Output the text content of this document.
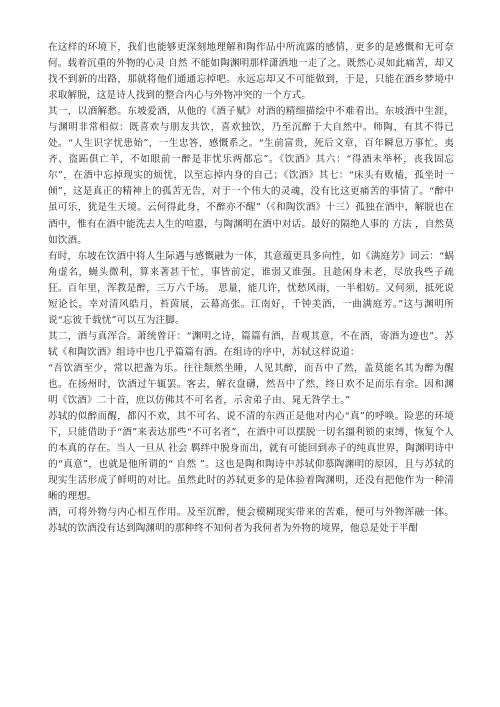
在这样的环境下，我们也能够更深刻地理解和陶作品中所流露的感情，更多的是感慨和无可奈何。载着沉重的外物的心灵 自然 不能如陶渊明那样潇洒地一走了之。既然心灵如此痛苦，却又找不到新的出路，那就将他们通通忘掉吧。永远忘却又不可能做到，于是，只能在酒乡梦境中求取解脱，这是诗人找到的整合内心与外物冲突的一个方式。

其一，以酒解愁。东坡爱酒，从他的《酒子赋》对酒的精细描绘中不难看出。东坡酒中生涯，与渊明非常相似：既喜欢与朋友共饮，喜欢独饮，乃至沉醉于大自然中。师陶，有其不得已处。“人生识字忧患始”，一生忠答，感慨系之。“生前富贵，死后文章，百年瞬息万事忙。夷齐、盗跖俱亡羊，不如眼前一醉是非忧乐两都忘”。《饮酒》其六：“得酒未举杯，丧我固忘尔”，在酒中忘掉现实的烦忧，以至忘掉内身的自己；《饮酒》其七：“床头有败榼，孤坐时一倾”，这是真正的精神上的孤苦无告，对于一个伟大的灵魂，没有比这更痛苦的事情了。“醉中虽可乐，犹是生天境。云何得此身，不醉亦不醒”（《和陶饮酒》十三）孤独在酒中，解脱也在酒中，惟有在酒中能洗去人生的喧嚣，与陶渊明在酒中对话。最好的隔绝人事的 方法 ，自然莫如饮酒。

有时，东坡在饮酒中将人生际遇与感慨融为一体，其意蕴更具多向性，如《满庭芳》词云：“蜗角虚名，蝇头微利，算来著甚干忙，事皆前定，谁弱又谁强。且趁闲身未老，尽放我些子疏狂。百年里，浑教是醉，三万六千场。 思量，能几许，忧愁风雨，一半相妨。又何须，抵死说短论长。幸对清风皓月，苔茵展，云幕高张。江南好，千钟美酒，一曲满庭芳。”这与渊明所说“忘彼千载忧”可以互为注脚。

其二，酒与真浑合。萧统曾讦：“渊明之诗，篇篇有酒，吾观其意，不在酒，寄酒为迹也”。苏轼《和陶饮酒》组诗中也几乎篇篇有酒。在组诗的序中，苏轼这样说道：

“吾饮酒至少，常以把盏为乐。往往颓然坐睡，人见其醉，而吾中了然，盖莫能名其为醉为醒也。在扬州时，饮酒过午辄罢。客去，解衣盘礴，然吾中了然，终日欢不足而乐有余。因和渊明《饮酒》二十首，庶以仿佛其不可名者，示舍弟子由、晁无咎学士。”

苏轼的似醉而醒，都闪不欢，其不可名、说不清的东西正是他对内心“真”的呼唤。险恶的环境下，只能借助于“酒”来表达那些“不可名者”，在酒中可以摆脱一切名缰利锁的束缚，恢复个人的本真的存在。当人一旦从 社会 羁绊中脱身而出，就有可能回到赤子的纯真世界，陶渊明诗中的“真意”，也就是他所谓的“ 自然 ”。这也是陶和陶诗中苏轼仰慕陶渊明的原因，且与苏轼的现实生活形成了鲜明的对比。虽然此时的苏轼更多的是体验着陶渊明，还没有把他作为一种清晰的理想。

酒，可将外物与内心相互作用。及至沉醉，便会模糊现实带来的苦难，便可与外物浑融一体。苏轼的饮酒没有达到陶渊明的那种终不知何者为我何者为外物的境界，他总是处于半酣
